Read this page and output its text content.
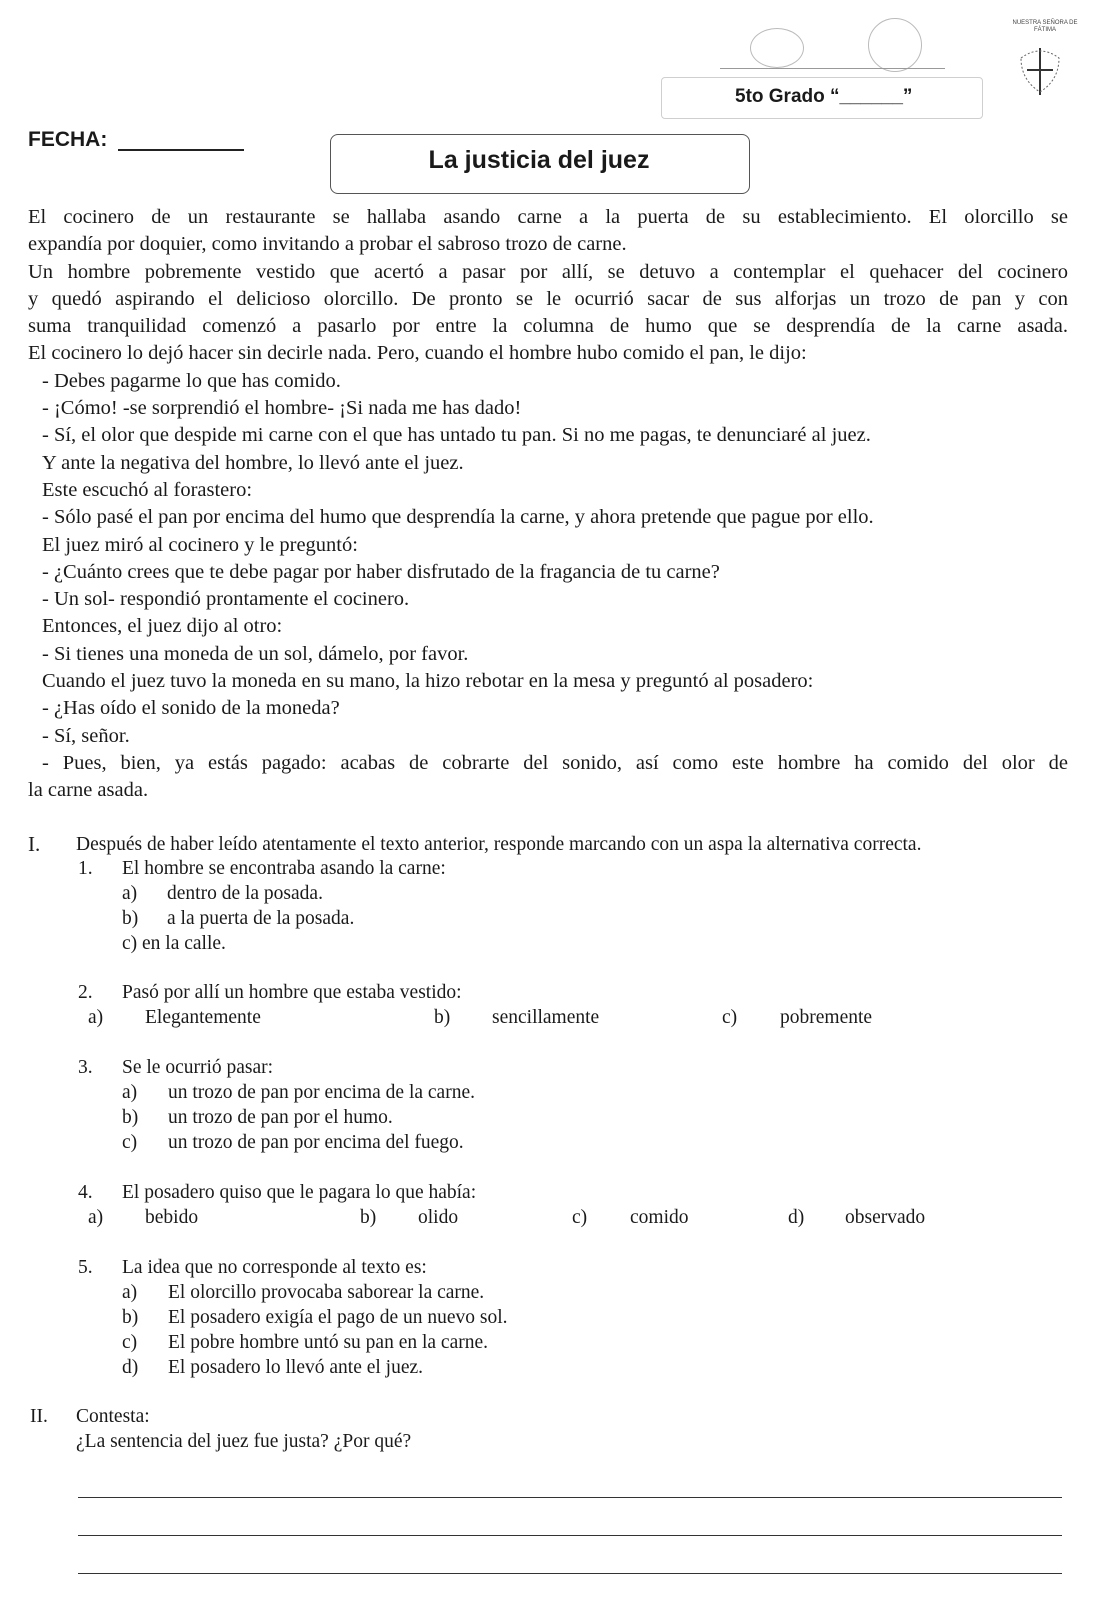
NUESTRA SEÑORA DE FÁTIMA
5to Grado “______”
FECHA:
La justicia del juez

El cocinero de un restaurante se hallaba asando carne a la puerta de su establecimiento. El olorcillo se

expandía por doquier, como invitando a probar el sabroso trozo de carne.

Un hombre pobremente vestido que acertó a pasar por allí, se detuvo a contemplar el quehacer del cocinero

y quedó aspirando el delicioso olorcillo. De pronto se le ocurrió sacar de sus alforjas un trozo de pan y con

suma tranquilidad comenzó a pasarlo por entre la columna de humo que se desprendía de la carne asada.

El cocinero lo dejó hacer sin decirle nada. Pero, cuando el hombre hubo comido el pan, le dijo:

- Debes pagarme lo que has comido.

- ¡Cómo! -se sorprendió el hombre- ¡Si nada me has dado!

- Sí, el olor que despide mi carne con el que has untado tu pan. Si no me pagas, te denunciaré al juez.

Y ante la negativa del hombre, lo llevó ante el juez.

Este escuchó al forastero:

- Sólo pasé el pan por encima del humo que desprendía la carne, y ahora pretende que pague por ello.

El juez miró al cocinero y le preguntó:

- ¿Cuánto crees que te debe pagar por haber disfrutado de la fragancia de tu carne?

- Un sol- respondió prontamente el cocinero.

Entonces, el juez dijo al otro:

- Si tienes una moneda de un sol, dámelo, por favor.

Cuando el juez tuvo la moneda en su mano, la hizo rebotar en la mesa y preguntó al posadero:

- ¿Has oído el sonido de la moneda?

- Sí, señor.

- Pues, bien, ya estás pagado: acabas de cobrarte del sonido, así como este hombre ha comido del olor de

la carne asada.

I. Después de haber leído atentamente el texto anterior, responde marcando con un aspa la alternativa correcta.
1. El hombre se encontraba asando la carne:
a) dentro de la posada.
b) a la puerta de la posada.
c) en la calle.
2. Pasó por allí un hombre que estaba vestido:
a) Elegantemente	b) sencillamente	c) pobremente
3. Se le ocurrió pasar:
a) un trozo de pan por encima de la carne.
b) un trozo de pan por el humo.
c) un trozo de pan por encima del fuego.
4. El posadero quiso que le pagara lo que había:
a) bebido	b) olido	c) comido	d) observado
5. La idea que no corresponde al texto es:
a) El olorcillo provocaba saborear la carne.
b) El posadero exigía el pago de un nuevo sol.
c) El pobre hombre untó su pan en la carne.
d) El posadero lo llevó ante el juez.
II. Contesta:
¿La sentencia del juez fue justa? ¿Por qué?
